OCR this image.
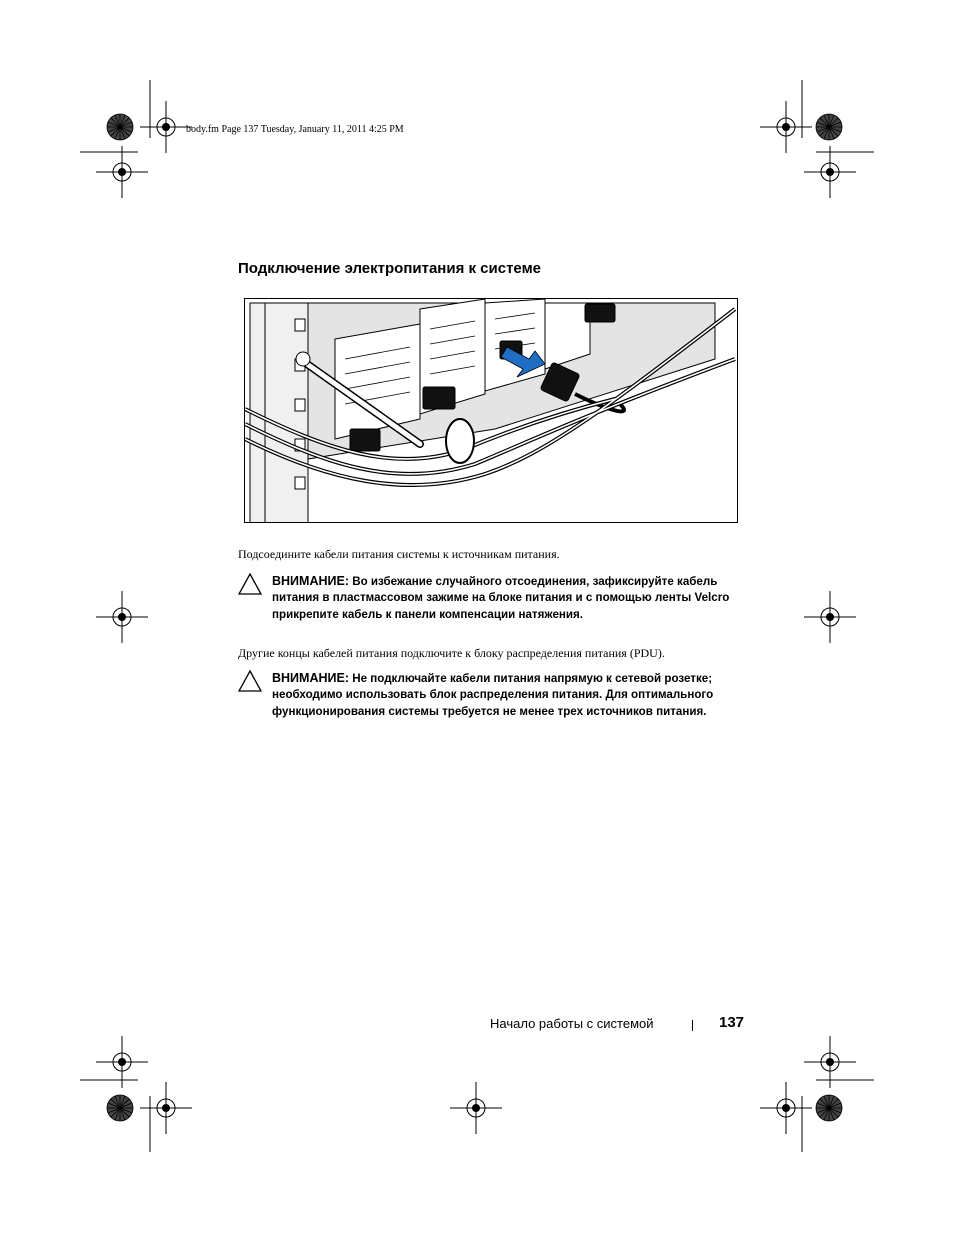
body.fm Page 137 Tuesday, January 11, 2011 4:25 PM
Подключение электропитания к системе

Подсоедините кабели питания системы к источникам питания.

ВНИМАНИЕ: Во избежание случайного отсоединения, зафиксируйте кабель питания в пластмассовом зажиме на блоке питания и с помощью ленты Velcro прикрепите кабель к панели компенсации натяжения.

Другие концы кабелей питания подключите к блоку распределения питания (PDU).

ВНИМАНИЕ: Не подключайте кабели питания напрямую к сетевой розетке; необходимо использовать блок распределения питания. Для оптимального функционирования системы требуется не менее трех источников питания.

Начало работы с системой	137
